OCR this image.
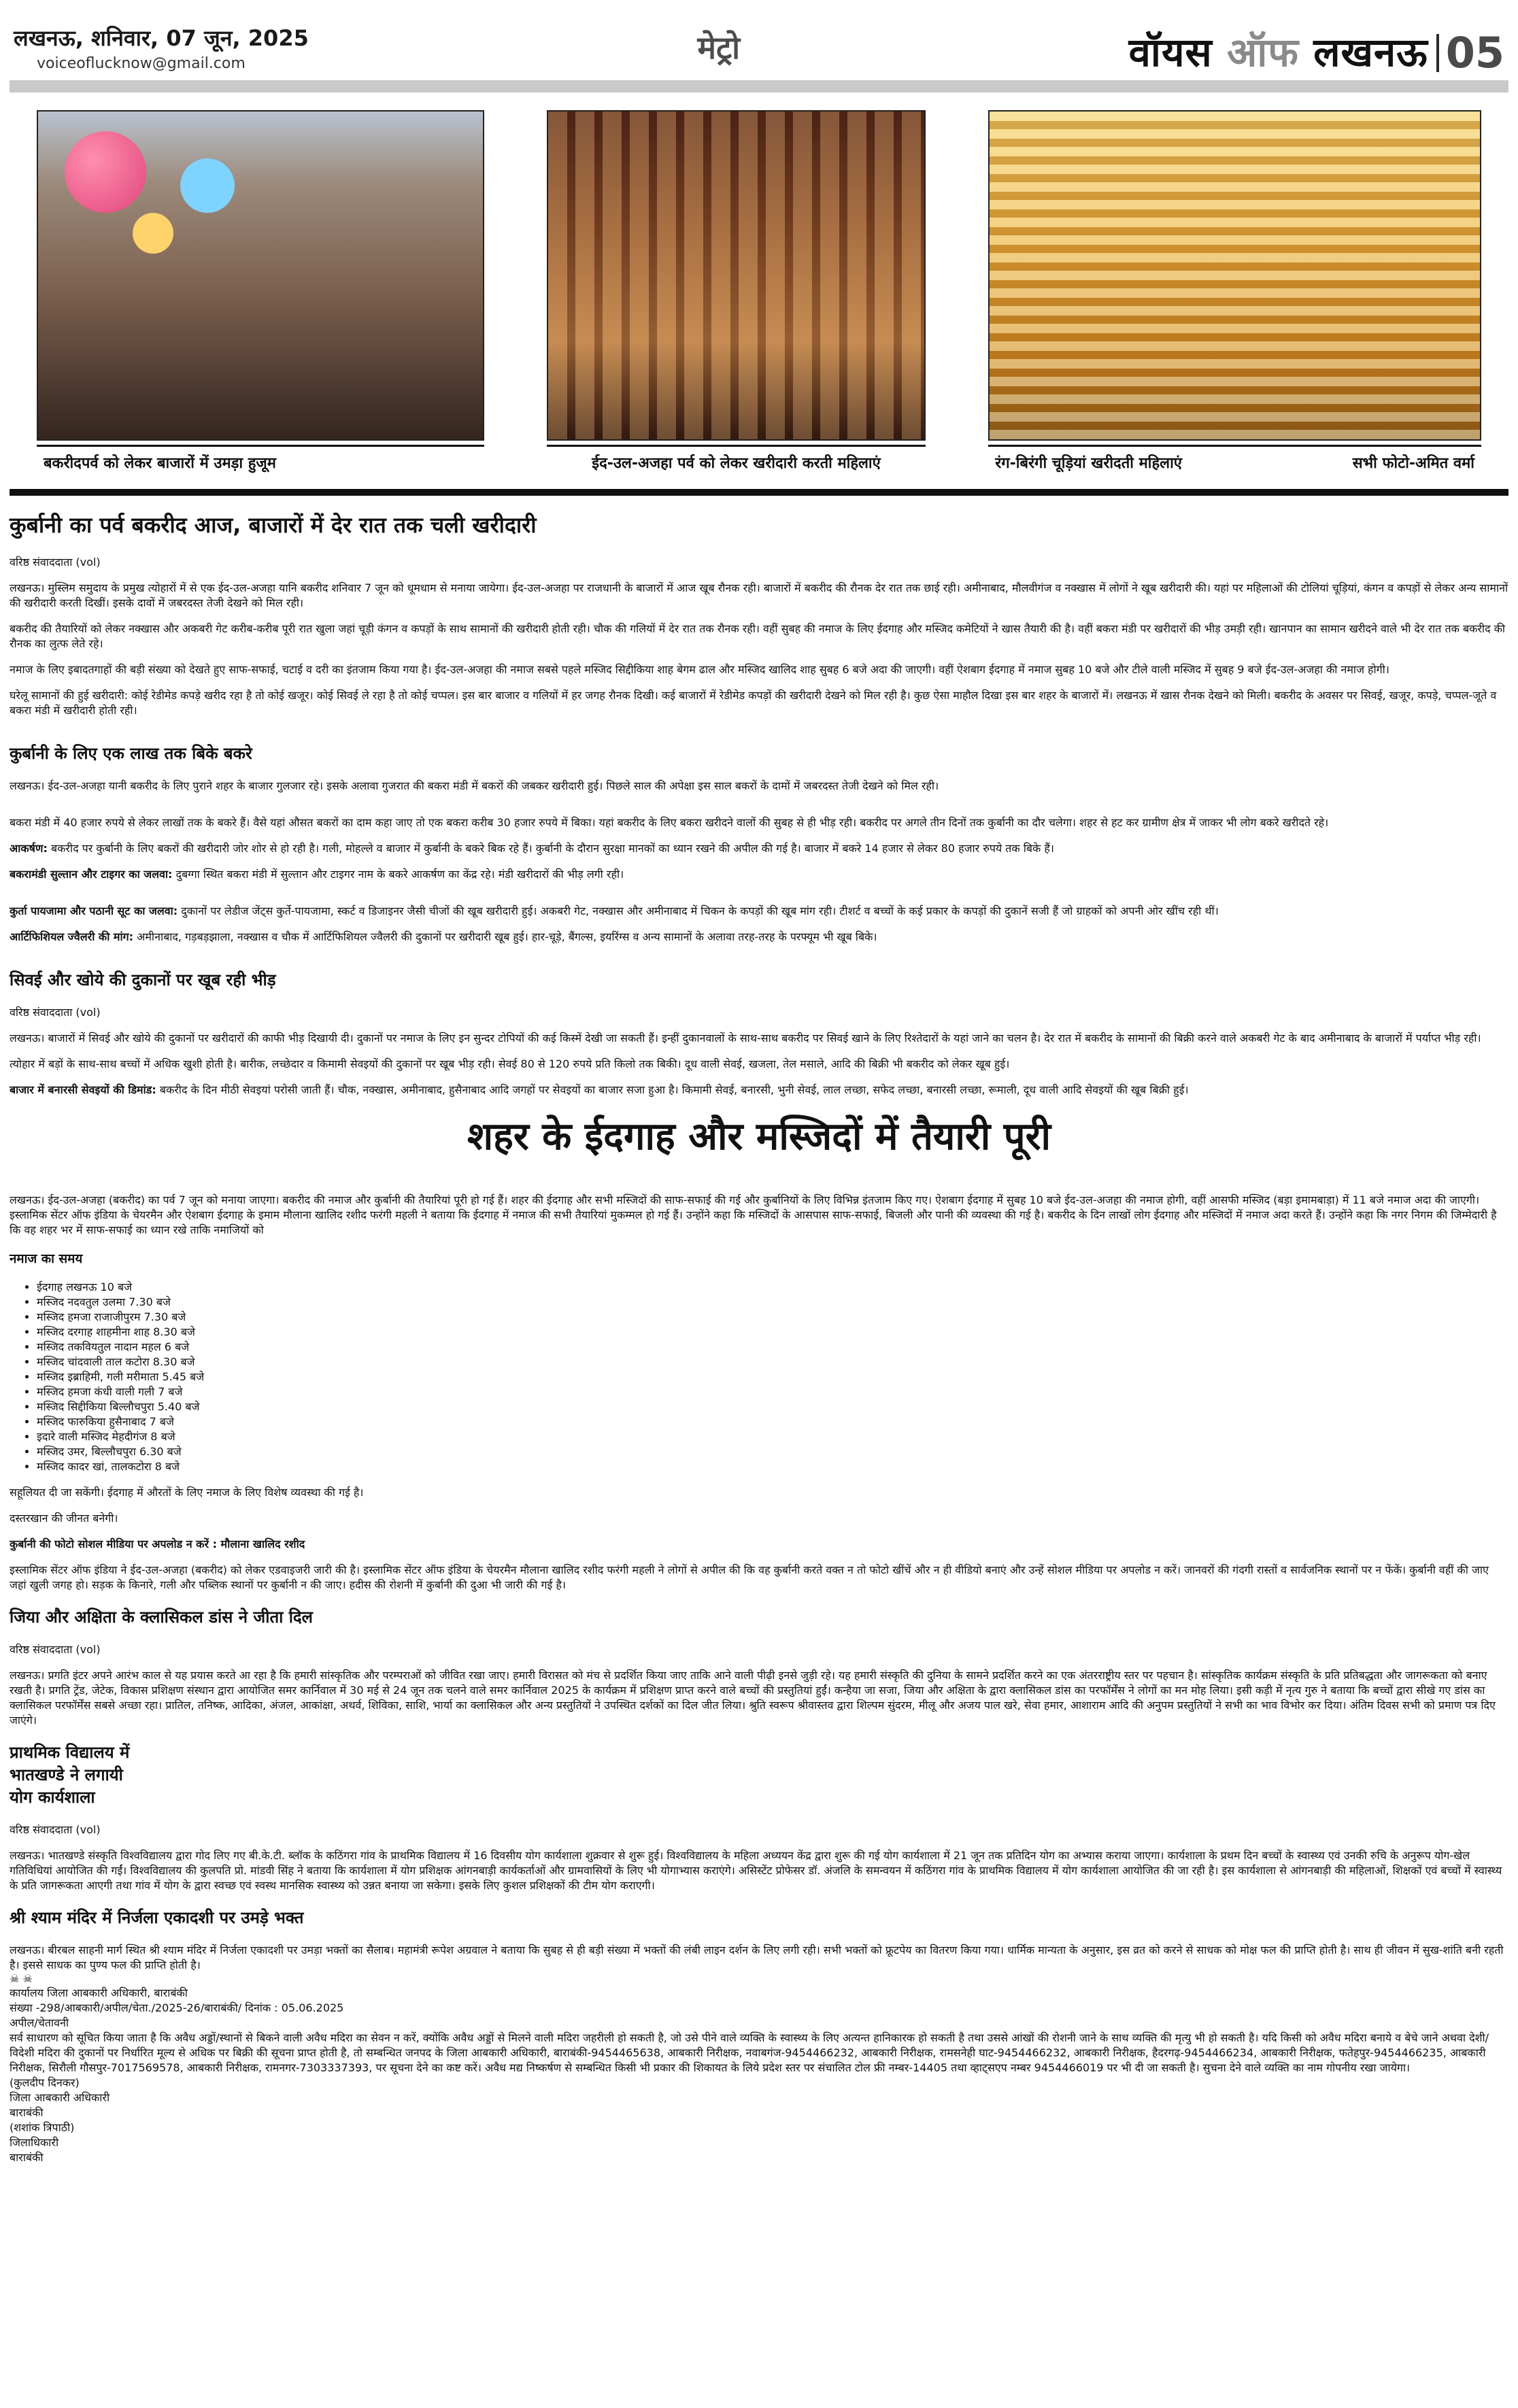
लखनऊ, शनिवार, 07 जून, 2025
voiceoflucknow@gmail.com	मेट्रो	वॉयस ऑफ लखनऊ 05
बकरीदपर्व को लेकर बाजारों में उमड़ा हुजूम	ईद-उल-अजहा पर्व को लेकर खरीदारी करती महिलाएं	रंग-बिरंगी चूड़ियां खरीदती महिलाएं	सभी फोटो-अमित वर्मा
कुर्बानी का पर्व बकरीद आज, बाजारों में देर रात तक चली खरीदारी
वरिष्ठ संवाददाता (vol)

लखनऊ। मुस्लिम समुदाय के प्रमुख त्योहारों में से एक ईद-उल-अजहा यानि बकरीद शनिवार 7 जून को धूमधाम से मनाया जायेगा। ईद-उल-अजहा पर राजधानी के बाजारों में आज खूब रौनक रही। बाजारों में बकरीद की रौनक देर रात तक छाई रही। अमीनाबाद, मौलवीगंज व नक्खास में लोगों ने खूब खरीदारी की। यहां पर महिलाओं की टोलियां चूड़ियां, कंगन व कपड़ों से लेकर अन्य सामानों की खरीदारी करती दिखीं। इसके दावों में जबरदस्त तेजी देखने को मिल रही।

बकरीद की तैयारियों को लेकर नक्खास और अकबरी गेट करीब-करीब पूरी रात खुला जहां चूड़ी कंगन व कपड़ों के साथ सामानों की खरीदारी होती रही। चौक की गलियों में देर रात तक रौनक रही। वहीं सुबह की नमाज के लिए ईदगाह और मस्जिद कमेटियों ने खास तैयारी की है। वहीं बकरा मंडी पर खरीदारों की भीड़ उमड़ी रही। खानपान का सामान खरीदने वाले भी देर रात तक बकरीद की रौनक का लुत्फ लेते रहे।

नमाज के लिए इबादतगाहों की बड़ी संख्या को देखते हुए साफ-सफाई, चटाई व दरी का इंतजाम किया गया है। ईद-उल-अजहा की नमाज सबसे पहले मस्जिद सिद्दीकिया शाह बेगम ढाल और मस्जिद खालिद शाह सुबह 6 बजे अदा की जाएगी। वहीं ऐशबाग ईदगाह में नमाज सुबह 10 बजे और टीले वाली मस्जिद में सुबह 9 बजे ईद-उल-अजहा की नमाज होगी।

घरेलू सामानों की हुई खरीदारी: कोई रेडीमेड कपड़े खरीद रहा है तो कोई खजूर। कोई सिवई ले रहा है तो कोई चप्पल। इस बार बाजार व गलियों में हर जगह रौनक दिखी। कई बाजारों में रेडीमेड कपड़ों की खरीदारी देखने को मिल रही है। कुछ ऐसा माहौल दिखा इस बार शहर के बाजारों में। लखनऊ में खास रौनक देखने को मिली। बकरीद के अवसर पर सिवई, खजूर, कपड़े, चप्पल-जूते व बकरा मंडी में खरीदारी होती रही।

कुर्बानी के लिए एक लाख तक बिके बकरे

लखनऊ। ईद-उल-अजहा यानी बकरीद के लिए पुराने शहर के बाजार गुलजार रहे। इसके अलावा गुजरात की बकरा मंडी में बकरों की जबकर खरीदारी हुई। पिछले साल की अपेक्षा इस साल बकरों के दामों में जबरदस्त तेजी देखने को मिल रही।

बकरा मंडी में 40 हजार रुपये से लेकर लाखों तक के बकरे हैं। वैसे यहां औसत बकरों का दाम कहा जाए तो एक बकरा करीब 30 हजार रुपये में बिका। यहां बकरीद के लिए बकरा खरीदने वालों की सुबह से ही भीड़ रही। बकरीद पर अगले तीन दिनों तक कुर्बानी का दौर चलेगा। शहर से हट कर ग्रामीण क्षेत्र में जाकर भी लोग बकरे खरीदते रहे।

आकर्षण: बकरीद पर कुर्बानी के लिए बकरों की खरीदारी जोर शोर से हो रही है। गली, मोहल्ले व बाजार में कुर्बानी के बकरे बिक रहे हैं। कुर्बानी के दौरान सुरक्षा मानकों का ध्यान रखने की अपील की गई है। बाजार में बकरे 14 हजार से लेकर 80 हजार रुपये तक बिके हैं।

बकरामंडी सुल्तान और टाइगर का जलवा: दुबग्गा स्थित बकरा मंडी में सुल्तान और टाइगर नाम के बकरे आकर्षण का केंद्र रहे। मंडी खरीदारों की भीड़ लगी रही।

कुर्ता पायजामा और पठानी सूट का जलवा: दुकानों पर लेडीज जेंट्स कुर्ते-पायजामा, स्कर्ट व डिजाइनर जैसी चीजों की खूब खरीदारी हुई। अकबरी गेट, नक्खास और अमीनाबाद में चिकन के कपड़ों की खूब मांग रही। टीशर्ट व बच्चों के कई प्रकार के कपड़ों की दुकानें सजी हैं जो ग्राहकों को अपनी ओर खींच रही थीं।

आर्टिफिशियल ज्वैलरी की मांग: अमीनाबाद, गड़बड़झाला, नक्खास व चौक में आर्टिफिशियल ज्वैलरी की दुकानों पर खरीदारी खूब हुई। हार-चूड़े, बैंगल्स, इयरिंग्स व अन्य सामानों के अलावा तरह-तरह के परफ्यूम भी खूब बिके।

सिवई और खोये की दुकानों पर खूब रही भीड़
वरिष्ठ संवाददाता (vol)

लखनऊ। बाजारों में सिवई और खोये की दुकानों पर खरीदारों की काफी भीड़ दिखायी दी। दुकानों पर नमाज के लिए इन सुन्दर टोपियों की कई किस्में देखी जा सकती हैं। इन्हीं दुकानवालों के साथ-साथ बकरीद पर सिवई खाने के लिए रिश्तेदारों के यहां जाने का चलन है। देर रात में बकरीद के सामानों की बिक्री करने वाले अकबरी गेट के बाद अमीनाबाद के बाजारों में पर्याप्त भीड़ रही।

त्योहार में बड़ों के साथ-साथ बच्चों में अधिक खुशी होती है। बारीक, लच्छेदार व किमामी सेवइयों की दुकानों पर खूब भीड़ रही। सेवई 80 से 120 रुपये प्रति किलो तक बिकी। दूध वाली सेवई, खजला, तेल मसाले, आदि की बिक्री भी बकरीद को लेकर खूब हुई।

बाजार में बनारसी सेवइयों की डिमांड: बकरीद के दिन मीठी सेवइयां परोसी जाती हैं। चौक, नक्खास, अमीनाबाद, हुसैनाबाद आदि जगहों पर सेवइयों का बाजार सजा हुआ है। किमामी सेवई, बनारसी, भुनी सेवई, लाल लच्छा, सफेद लच्छा, बनारसी लच्छा, रूमाली, दूध वाली आदि सेवइयों की खूब बिक्री हुई।

शहर के ईदगाह और मस्जिदों में तैयारी पूरी

लखनऊ। ईद-उल-अजहा (बकरीद) का पर्व 7 जून को मनाया जाएगा। बकरीद की नमाज और कुर्बानी की तैयारियां पूरी हो गई हैं। शहर की ईदगाह और सभी मस्जिदों की साफ-सफाई की गई और कुर्बानियों के लिए विभिन्न इंतजाम किए गए। ऐशबाग ईदगाह में सुबह 10 बजे ईद-उल-अजहा की नमाज होगी, वहीं आसफी मस्जिद (बड़ा इमामबाड़ा) में 11 बजे नमाज अदा की जाएगी। इस्लामिक सेंटर ऑफ इंडिया के चेयरमैन और ऐशबाग ईदगाह के इमाम मौलाना खालिद रशीद फरंगी महली ने बताया कि ईदगाह में नमाज की सभी तैयारियां मुकम्मल हो गई हैं। उन्होंने कहा कि मस्जिदों के आसपास साफ-सफाई, बिजली और पानी की व्यवस्था की गई है। बकरीद के दिन लाखों लोग ईदगाह और मस्जिदों में नमाज अदा करते हैं। उन्होंने कहा कि नगर निगम की जिम्मेदारी है कि वह शहर भर में साफ-सफाई का ध्यान रखे ताकि नमाजियों को

नमाज का समय
• ईदगाह लखनऊ 10 बजे
• मस्जिद नदवतुल उलमा 7.30 बजे
• मस्जिद हमजा राजाजीपुरम 7.30 बजे
• मस्जिद दरगाह शाहमीना शाह 8.30 बजे
• मस्जिद तकवियतुल नादान महल 6 बजे
• मस्जिद चांदवाली ताल कटोरा 8.30 बजे
• मस्जिद इब्राहिमी, गली मरीमाता 5.45 बजे
• मस्जिद हमजा कंधी वाली गली 7 बजे
• मस्जिद सिद्दीकिया बिल्लौचपुरा 5.40 बजे
• मस्जिद फारुकिया हुसैनाबाद 7 बजे
• इदारे वाली मस्जिद मेहदीगंज 8 बजे
• मस्जिद उमर, बिल्लौचपुरा 6.30 बजे
• मस्जिद कादर खां, तालकटोरा 8 बजे
सहूलियत दी जा सकेंगी। ईदगाह में औरतों के लिए नमाज के लिए विशेष व्यवस्था की गई है।

दस्तरखान की जीनत बनेगी।

कुर्बानी की फोटो सोशल मीडिया पर अपलोड न करें : मौलाना खालिद रशीद

इस्लामिक सेंटर ऑफ इंडिया ने ईद-उल-अजहा (बकरीद) को लेकर एडवाइजरी जारी की है। इस्लामिक सेंटर ऑफ इंडिया के चेयरमैन मौलाना खालिद रशीद फरंगी महली ने लोगों से अपील की कि वह कुर्बानी करते वक्त न तो फोटो खींचें और न ही वीडियो बनाएं और उन्हें सोशल मीडिया पर अपलोड न करें। जानवरों की गंदगी रास्तों व सार्वजनिक स्थानों पर न फेंकें। कुर्बानी वहीं की जाए जहां खुली जगह हो। सड़क के किनारे, गली और पब्लिक स्थानों पर कुर्बानी न की जाए। हदीस की रोशनी में कुर्बानी की दुआ भी जारी की गई है।

जिया और अक्षिता के क्लासिकल डांस ने जीता दिल
वरिष्ठ संवाददाता (vol)

लखनऊ। प्रगति इंटर अपने आरंभ काल से यह प्रयास करते आ रहा है कि हमारी सांस्कृतिक और परम्पराओं को जीवित रखा जाए। हमारी विरासत को मंच से प्रदर्शित किया जाए ताकि आने वाली पीढ़ी इनसे जुड़ी रहे। यह हमारी संस्कृति की दुनिया के सामने प्रदर्शित करने का एक अंतरराष्ट्रीय स्तर पर पहचान है। सांस्कृतिक कार्यक्रम संस्कृति के प्रति प्रतिबद्धता और जागरूकता को बनाए रखती है। प्रगति ट्रेंड, जेटेक, विकास प्रशिक्षण संस्थान द्वारा आयोजित समर कार्निवाल में 30 मई से 24 जून तक चलने वाले समर कार्निवाल 2025 के कार्यक्रम में प्रशिक्षण प्राप्त करने वाले बच्चों की प्रस्तुतियां हुईं। कन्हैया जा सजा, जिया और अक्षिता के द्वारा क्लासिकल डांस का परफॉर्मेंस ने लोगों का मन मोह लिया। इसी कड़ी में नृत्य गुरु ने बताया कि बच्चों द्वारा सीखे गए डांस का क्लासिकल परफॉर्मेंस सबसे अच्छा रहा। प्रातिल, तनिष्क, आदिका, अंजल, आकांक्षा, अथर्व, शिविका, साशि, भार्या का क्लासिकल और अन्य प्रस्तुतियों ने उपस्थित दर्शकों का दिल जीत लिया। श्रुति स्वरूप श्रीवास्तव द्वारा शिल्पम सुंदरम, मीलू और अजय पाल खरे, सेवा हमार, आशाराम आदि की अनुपम प्रस्तुतियों ने सभी का भाव विभोर कर दिया। अंतिम दिवस सभी को प्रमाण पत्र दिए जाएंगे।

प्राथमिक विद्यालय में
भातखण्डे ने लगायी
योग कार्यशाला
वरिष्ठ संवाददाता (vol)

लखनऊ। भातखण्डे संस्कृति विश्वविद्यालय द्वारा गोद लिए गए बी.के.टी. ब्लॉक के कठिंगरा गांव के प्राथमिक विद्यालय में 16 दिवसीय योग कार्यशाला शुक्रवार से शुरू हुई। विश्वविद्यालय के महिला अध्ययन केंद्र द्वारा शुरू की गई योग कार्यशाला में 21 जून तक प्रतिदिन योग का अभ्यास कराया जाएगा। कार्यशाला के प्रथम दिन बच्चों के स्वास्थ्य एवं उनकी रुचि के अनुरूप योग-खेल गतिविधियां आयोजित की गईं। विश्वविद्यालय की कुलपति प्रो. मांडवी सिंह ने बताया कि कार्यशाला में योग प्रशिक्षक आंगनबाड़ी कार्यकर्ताओं और ग्रामवासियों के लिए भी योगाभ्यास कराएंगे। असिस्टेंट प्रोफेसर डॉ. अंजलि के समन्वयन में कठिंगरा गांव के प्राथमिक विद्यालय में योग कार्यशाला आयोजित की जा रही है। इस कार्यशाला से आंगनबाड़ी की महिलाओं, शिक्षकों एवं बच्चों में स्वास्थ्य के प्रति जागरूकता आएगी तथा गांव में योग के द्वारा स्वच्छ एवं स्वस्थ मानसिक स्वास्थ्य को उन्नत बनाया जा सकेगा। इसके लिए कुशल प्रशिक्षकों की टीम योग कराएगी।

श्री श्याम मंदिर में निर्जला एकादशी पर उमड़े भक्त
लखनऊ। बीरबल साहनी मार्ग स्थित श्री श्याम मंदिर में निर्जला एकादशी पर उमड़ा भक्तों का सैलाब। महामंत्री रूपेश अग्रवाल ने बताया कि सुबह से ही बड़ी संख्या में भक्तों की लंबी लाइन दर्शन के लिए लगी रही। सभी भक्तों को फ्रूटपेय का वितरण किया गया। धार्मिक मान्यता के अनुसार, इस व्रत को करने से साधक को मोक्ष फल की प्राप्ति होती है। साथ ही जीवन में सुख-शांति बनी रहती है। इससे साधक का पुण्य फल की प्राप्ति होती है।
☠ ☠
कार्यालय जिला आबकारी अधिकारी, बाराबंकी
संख्या -298/आबकारी/अपील/चेता./2025-26/बाराबंकी/ दिनांक : 05.06.2025
अपील/चेतावनी
सर्व साधारण को सूचित किया जाता है कि अवैध अड्डों/स्थानों से बिकने वाली अवैध मदिरा का सेवन न करें, क्योंकि अवैध अड्डों से मिलने वाली मदिरा जहरीली हो सकती है, जो उसे पीने वाले व्यक्ति के स्वास्थ्य के लिए अत्यन्त हानिकारक हो सकती है तथा उससे आंखों की रोशनी जाने के साथ व्यक्ति की मृत्यु भी हो सकती है। यदि किसी को अवैध मदिरा बनाये व बेचे जाने अथवा देशी/विदेशी मदिरा की दुकानों पर निर्धारित मूल्य से अधिक पर बिक्री की सूचना प्राप्त होती है, तो सम्बन्धित जनपद के जिला आबकारी अधिकारी, बाराबंकी-9454465638, आबकारी निरीक्षक, नवाबगंज-9454466232, आबकारी निरीक्षक, रामसनेही घाट-9454466232, आबकारी निरीक्षक, हैदरगढ़-9454466234, आबकारी निरीक्षक, फतेहपुर-9454466235, आबकारी निरीक्षक, सिरौली गौसपुर-7017569578, आबकारी निरीक्षक, रामनगर-7303337393, पर सूचना देने का कष्ट करें। अवैध मद्य निष्कर्षण से सम्बन्धित किसी भी प्रकार की शिकायत के लिये प्रदेश स्तर पर संचालित टोल फ्री नम्बर-14405 तथा व्हाट्सएप नम्बर 9454466019 पर भी दी जा सकती है। सुचना देने वाले व्यक्ति का नाम गोपनीय रखा जायेगा।
(कुलदीप दिनकर)
जिला आबकारी अधिकारी
बाराबंकी
(शशांक त्रिपाठी)
जिलाधिकारी
बाराबंकी
